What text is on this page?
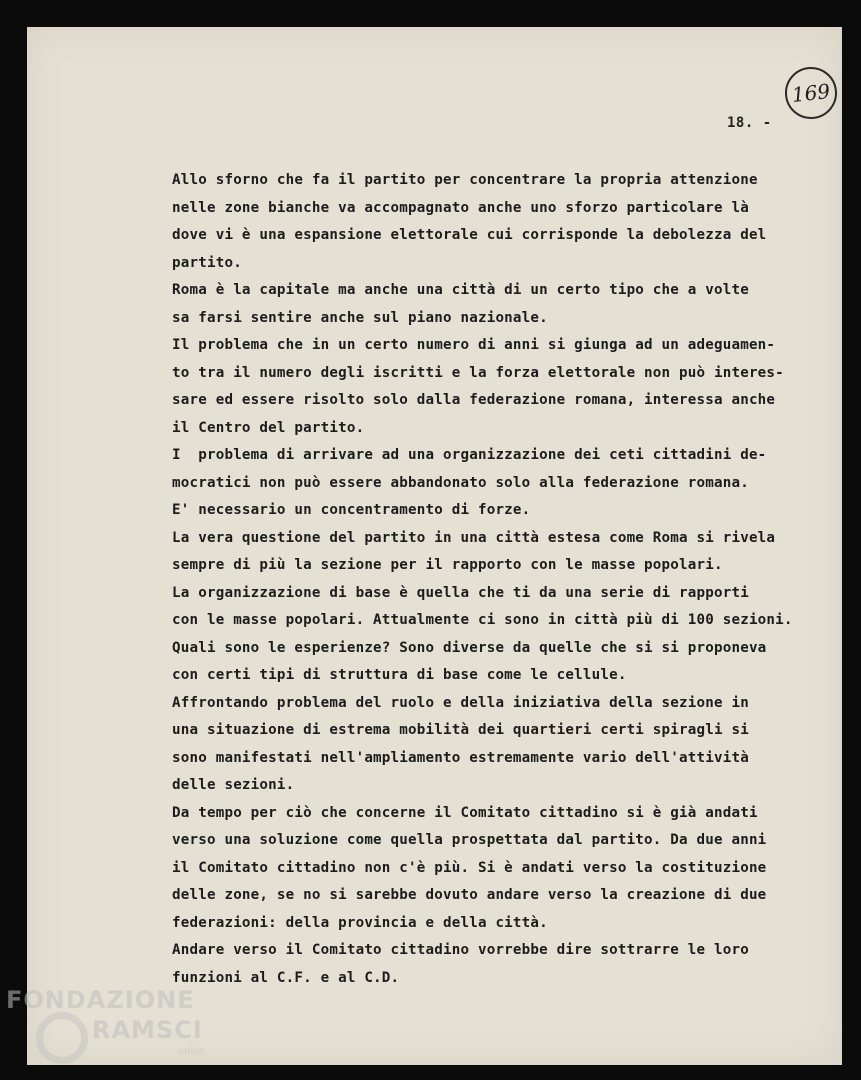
169
18. -
Allo sforno che fa il partito per concentrare la propria attenzione
nelle zone bianche va accompagnato anche uno sforzo particolare là
dove vi è una espansione elettorale cui corrisponde la debolezza del
partito.
Roma è la capitale ma anche una città di un certo tipo che a volte
sa farsi sentire anche sul piano nazionale.
Il problema che in un certo numero di anni si giunga ad un adeguamen-
to tra il numero degli iscritti e la forza elettorale non può interes-
sare ed essere risolto solo dalla federazione romana, interessa anche
il Centro del partito.
I  problema di arrivare ad una organizzazione dei ceti cittadini de-
mocratici non può essere abbandonato solo alla federazione romana.
E' necessario un concentramento di forze.
La vera questione del partito in una città estesa come Roma si rivela
sempre di più la sezione per il rapporto con le masse popolari.
La organizzazione di base è quella che ti da una serie di rapporti
con le masse popolari. Attualmente ci sono in città più di 100 sezioni.
Quali sono le esperienze? Sono diverse da quelle che si si proponeva
con certi tipi di struttura di base come le cellule.
Affrontando problema del ruolo e della iniziativa della sezione in
una situazione di estrema mobilità dei quartieri certi spiragli si
sono manifestati nell'ampliamento estremamente vario dell'attività
delle sezioni.
Da tempo per ciò che concerne il Comitato cittadino si è già andati
verso una soluzione come quella prospettata dal partito. Da due anni
il Comitato cittadino non c'è più. Si è andati verso la costituzione
delle zone, se no si sarebbe dovuto andare verso la creazione di due
federazioni: della provincia e della città.
Andare verso il Comitato cittadino vorrebbe dire sottrarre le loro
funzioni al C.F. e al C.D.
FONDAZIONE
RAMSCI
onlus
